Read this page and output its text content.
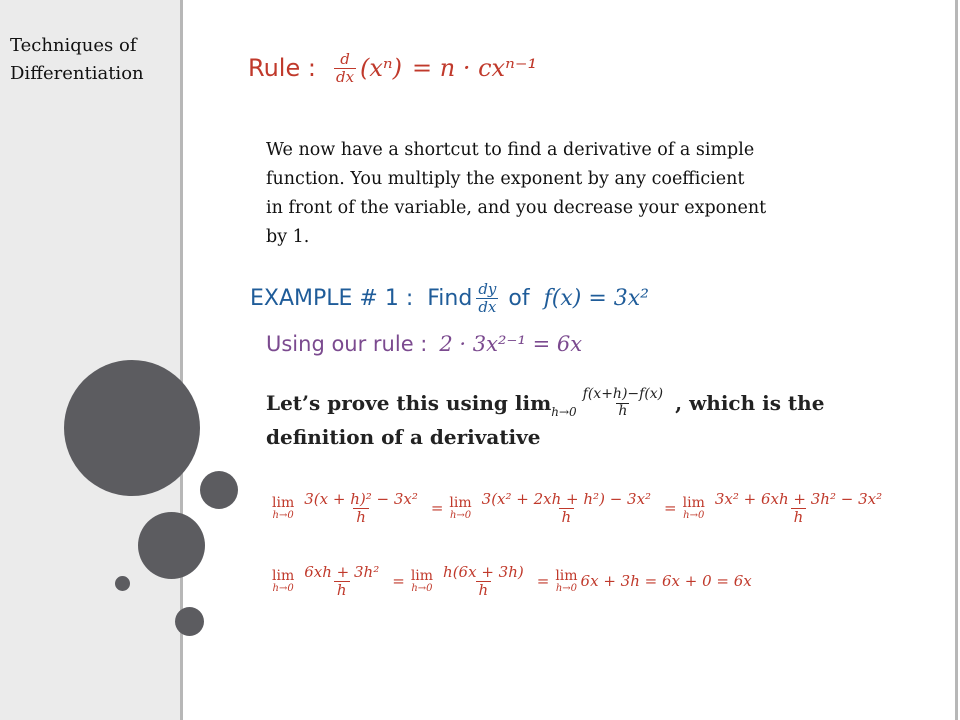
Techniques of
Differentiation	Rule : $\frac{d}{dx} (x^n) = n \cdot cx^{n-1}$
We now have a shortcut to find a derivative of a simple
function. You multiply the exponent by any coefficient
in front of the variable, and you decrease your exponent
by 1.
EXAMPLE # 1 : Find $\frac{dy}{dx}$ of f(x) = 3x²
Using our rule : 2 · 3x²⁻¹ = 6x
Let’s prove this using $\lim h\to 0 \frac{f(x+h)-f(x)}{h}$ , which is the
definition of a derivative
lim
$h\to 0 \frac{\text{3(x + h)² − 3x²}}{h} = \lim$
$h\to 0 \frac{\text{3(x² + 2xh + h²) − 3x²}}{h} = \lim$
$h\to 0 \frac{\text{3x² + 6xh + 3h² − 3x²}}{h}$
lim
$h\to 0 \frac{\text{6xh + 3h²}}{h} = \lim$
$h\to 0 \frac{h(6x + 3h)}{h} = \lim$
h→0 6x + 3h = 6x + 0 = 6x
